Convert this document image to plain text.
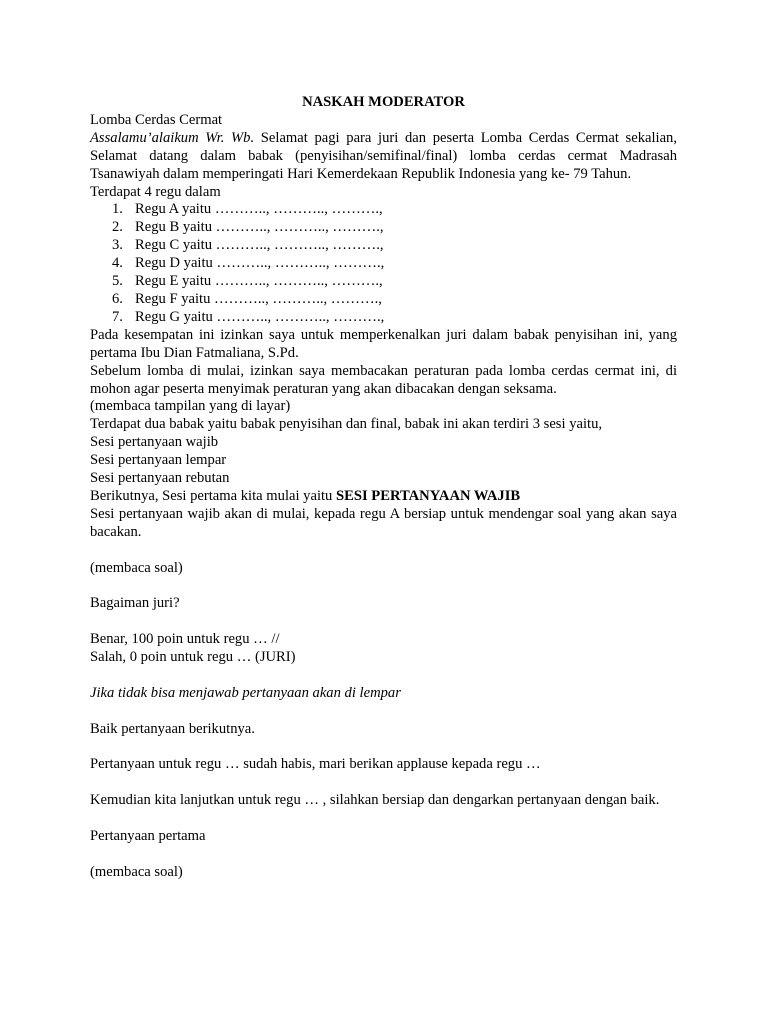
NASKAH MODERATOR

Lomba Cerdas Cermat

Assalamu’alaikum Wr. Wb. Selamat pagi para juri dan peserta Lomba Cerdas Cermat sekalian, Selamat datang dalam babak (penyisihan/semifinal/final) lomba cerdas cermat Madrasah Tsanawiyah dalam memperingati Hari Kemerdekaan Republik Indonesia yang ke- 79 Tahun.

Terdapat 4 regu dalam

1. Regu A yaitu ……….., ……….., ……….,
2. Regu B yaitu ……….., ……….., ……….,
3. Regu C yaitu ……….., ……….., ……….,
4. Regu D yaitu ……….., ……….., ……….,
5. Regu E yaitu ……….., ……….., ……….,
6. Regu F yaitu ……….., ……….., ……….,
7. Regu G yaitu ……….., ……….., ……….,

Pada kesempatan ini izinkan saya untuk memperkenalkan juri dalam babak penyisihan ini, yang pertama Ibu Dian Fatmaliana, S.Pd.

Sebelum lomba di mulai, izinkan saya membacakan peraturan pada lomba cerdas cermat ini, di mohon agar peserta menyimak peraturan yang akan dibacakan dengan seksama.

(membaca tampilan yang di layar)

Terdapat dua babak yaitu babak penyisihan dan final, babak ini akan terdiri 3 sesi yaitu,

Sesi pertanyaan wajib

Sesi pertanyaan lempar

Sesi pertanyaan rebutan

Berikutnya, Sesi pertama kita mulai yaitu SESI PERTANYAAN WAJIB

Sesi pertanyaan wajib akan di mulai, kepada regu A bersiap untuk mendengar soal yang akan saya bacakan.

(membaca soal)

Bagaiman juri?

Benar, 100 poin untuk regu … //

Salah, 0 poin untuk regu … (JURI)

Jika tidak bisa menjawab pertanyaan akan di lempar

Baik pertanyaan berikutnya.

Pertanyaan untuk regu … sudah habis, mari berikan applause kepada regu …

Kemudian kita lanjutkan untuk regu … , silahkan bersiap dan dengarkan pertanyaan dengan baik.

Pertanyaan pertama

(membaca soal)
